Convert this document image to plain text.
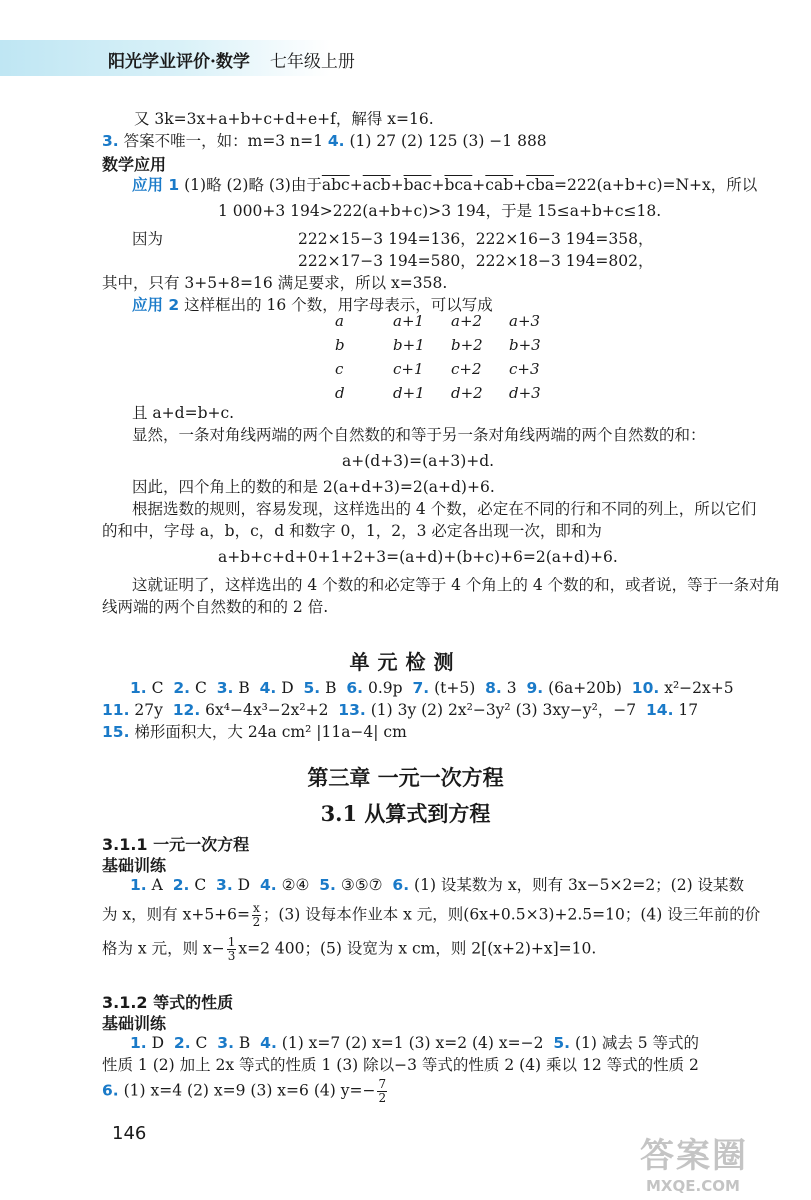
阳光学业评价·数学 七年级上册
又 3k=3x+a+b+c+d+e+f，解得 x=16.
3. 答案不唯一，如：m=3 n=1 4. (1) 27 (2) 125 (3) −1 888
数学应用
应用 1 (1)略 (2)略 (3)由于$\overline{abc}+\overline{acb}+\overline{bac}+\overline{bca}+\overline{cab}+\overline{cba}=222(a+b+c)=N+x$，所以
1 000+3 194>222(a+b+c)>3 194，于是 15≤a+b+c≤18.
因为	222×15−3 194=136，222×16−3 194=358，
222×17−3 194=580，222×18−3 194=802，
其中，只有 3+5+8=16 满足要求，所以 x=358.
应用 2 这样框出的 16 个数，用字母表示，可以写成
a	a+1	a+2	a+3
b	b+1	b+2	b+3
c	c+1	c+2	c+3
d	d+1	d+2	d+3
且 a+d=b+c.
显然，一条对角线两端的两个自然数的和等于另一条对角线两端的两个自然数的和：
a+(d+3)=(a+3)+d.
因此，四个角上的数的和是 2(a+d+3)=2(a+d)+6.
根据选数的规则，容易发现，这样选出的 4 个数，必定在不同的行和不同的列上，所以它们
的和中，字母 a，b，c，d 和数字 0，1，2，3 必定各出现一次，即和为
a+b+c+d+0+1+2+3=(a+d)+(b+c)+6=2(a+d)+6.
这就证明了，这样选出的 4 个数的和必定等于 4 个角上的 4 个数的和，或者说，等于一条对角
线两端的两个自然数的和的 2 倍.
单元检测
1. C 2. C 3. B 4. D 5. B 6. 0.9p 7. (t+5) 8. 3 9. (6a+20b) 10. x²−2x+5
11. 27y 12. 6x⁴−4x³−2x²+2 13. (1) 3y (2) 2x²−3y² (3) 3xy−y²，−7 14. 17
15. 梯形面积大，大 24a cm² |11a−4| cm
第三章 一元一次方程
3.1 从算式到方程
3.1.1 一元一次方程
基础训练
1. A 2. C 3. D 4. ②④ 5. ③⑤⑦ 6. (1) 设某数为 x，则有 3x−5×2=2；(2) 设某数
为 x，则有 $x+5+6= \frac{x}{2}$ ；(3) 设每本作业本 x 元，则(6x+0.5×3)+2.5=10；(4) 设三年前的价
格为 x 元，则 $x- \frac{1}{3} x=2$ 400；(5) 设宽为 x cm，则 2[(x+2)+x]=10.
3.1.2 等式的性质
基础训练
1. D 2. C 3. B 4. (1) x=7 (2) x=1 (3) x=2 (4) x=−2 5. (1) 减去 5 等式的
性质 1 (2) 加上 2x 等式的性质 1 (3) 除以−3 等式的性质 2 (4) 乘以 12 等式的性质 2
6. (1) x=4 (2) x=9 (3) x=6 (4) $y=- \frac{7}{2}$
146
答案圈
MXQE.COM
